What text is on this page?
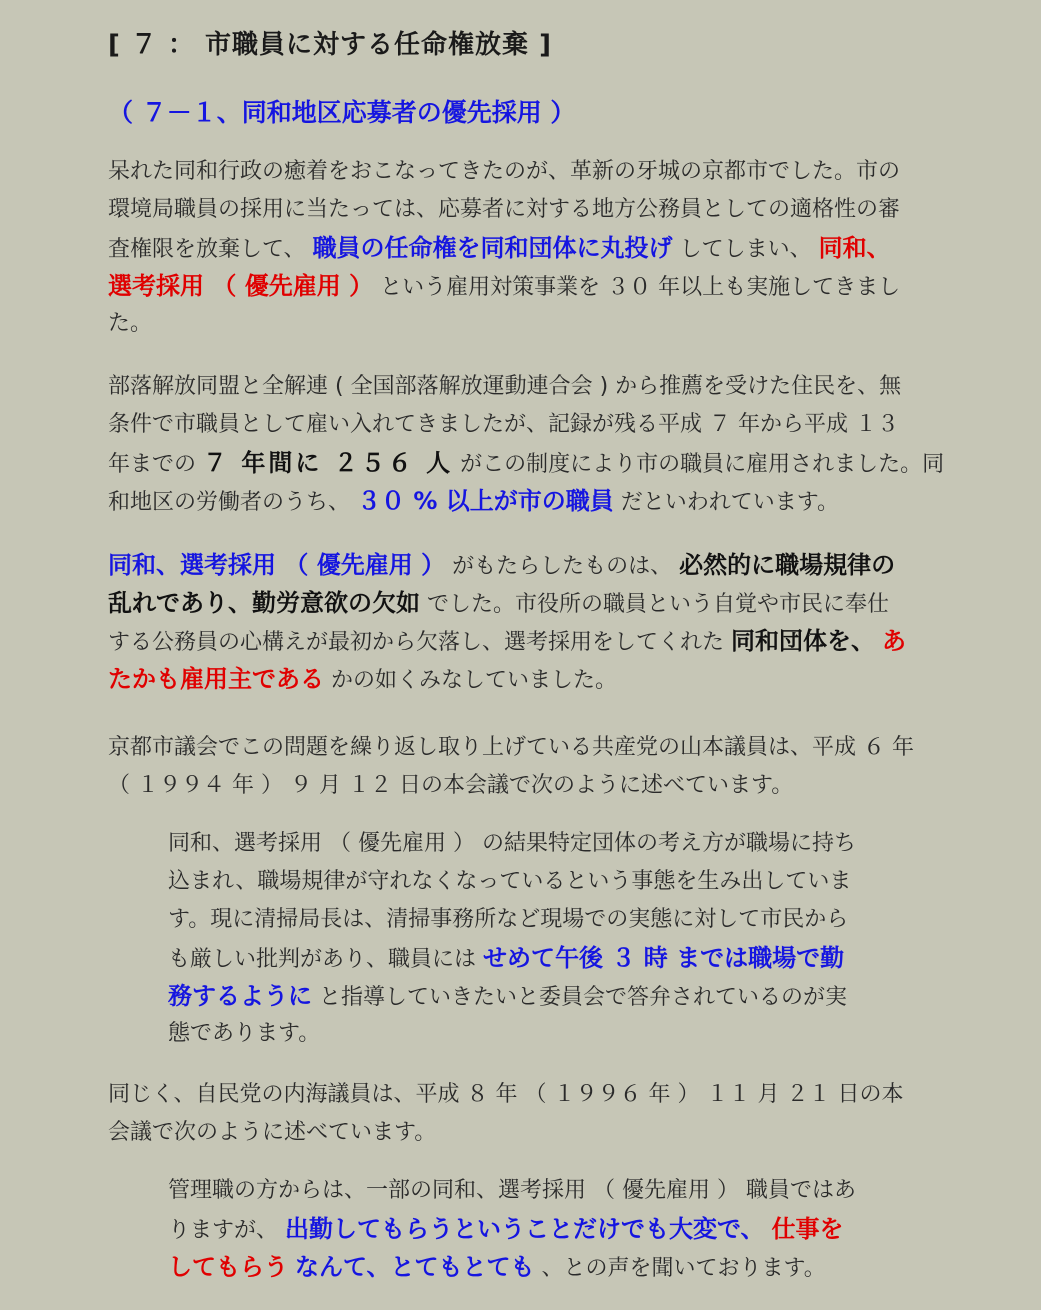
[ ７ ： 市職員に対する任命権放棄 ]
（ ７－１、同和地区応募者の優先採用 ）
呆れた同和行政の癒着をおこなってきたのが、革新の牙城の京都市でした。市の
環境局職員の採用に当たっては、応募者に対する地方公務員としての適格性の審
査権限を放棄して、 職員の任命権を同和団体に丸投げ してしまい、 同和、
選考採用 （ 優先雇用 ） という雇用対策事業を ３０ 年以上も実施してきまし
た。
部落解放同盟と全解連 ( 全国部落解放運動連合会 ) から推薦を受けた住民を、無
条件で市職員として雇い入れてきましたが、記録が残る平成 ７ 年から平成 １３
年までの ７ 年間に ２５６ 人 がこの制度により市の職員に雇用されました。同
和地区の労働者のうち、 ３０ % 以上が市の職員 だといわれています。
同和、選考採用 （ 優先雇用 ） がもたらしたものは、 必然的に職場規律の
乱れであり、勤労意欲の欠如 でした。市役所の職員という自覚や市民に奉仕
する公務員の心構えが最初から欠落し、選考採用をしてくれた 同和団体を、 あ
たかも雇用主である かの如くみなしていました。
京都市議会でこの問題を繰り返し取り上げている共産党の山本議員は、平成 ６ 年
（ １９９４ 年 ） ９ 月 １２ 日の本会議で次のように述べています。
同和、選考採用 （ 優先雇用 ） の結果特定団体の考え方が職場に持ち
込まれ、職場規律が守れなくなっているという事態を生み出していま
す。現に清掃局長は、清掃事務所など現場での実態に対して市民から
も厳しい批判があり、職員には せめて午後 ３ 時 までは職場で勤
務するように と指導していきたいと委員会で答弁されているのが実
態であります。
同じく、自民党の内海議員は、平成 ８ 年 （ １９９６ 年 ） １１ 月 ２１ 日の本
会議で次のように述べています。
管理職の方からは、一部の同和、選考採用 （ 優先雇用 ） 職員ではあ
りますが、 出勤してもらうということだけでも大変で、 仕事を
してもらう なんて、とてもとても 、との声を聞いております。
